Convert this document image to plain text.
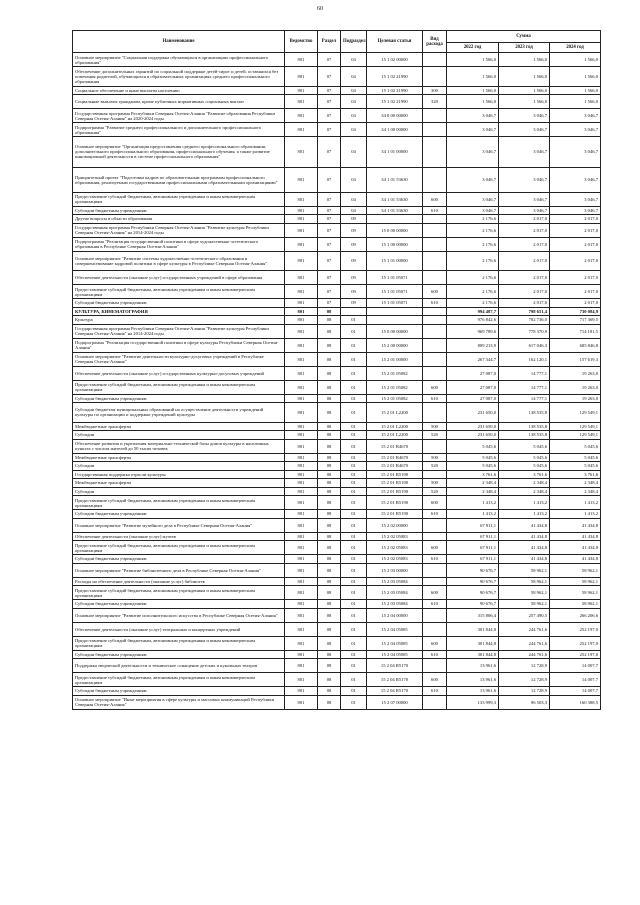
60
Наименование	Ведомство	Раздел	Подраздел	Целевая статья	Вид расхода	Сумма		
						2022 год	2023 год	2024 год
Основное мероприятие "Социальная поддержка обучающихся в организациях профессионального образования"	801	07	04	15 1 02 00000		1 566,0	1 566,0	1 566,0
Обеспечение дополнительных гарантий по социальной поддержке детей-сирот и детей, оставшихся без попечения родителей, обучающихся в образовательных организациях среднего профессионального образования	801	07	04	15 1 02 21990		1 566,0	1 566,0	1 566,0
Социальное обеспечение и иные выплаты населению	801	07	04	15 1 02 21990	300	1 566,0	1 566,0	1 566,0
Социальные выплаты гражданам, кроме публичных нормативных социальных выплат	801	07	04	15 1 02 21990	320	1 566,0	1 566,0	1 566,0
Государственная программа Республики Северная Осетия-Алания "Развитие образования Республики Северная Осетия-Алания" на 2020-2024 годы	801	07	04	34 0 00 00000		3 046,7	3 046,7	3 046,7
Подпрограмма "Развитие среднего профессионального и дополнительного профессионального образования"	801	07	04	34 1 00 00000		3 046,7	3 046,7	3 046,7
Основное мероприятие "Организация предоставления среднего профессионального образования, дополнительного профессионального образования, профессионального обучения, а также развитие инновационной деятельности в системе профессионального образования"	801	07	04	34 1 01 00000		3 046,7	3 046,7	3 046,7
Приоритетный проект "Подготовка кадров по образовательным программам профессионального образования, реализуемым государственными профессиональными образовательными организациями"	801	07	04	34 1 01 53630		3 046,7	3 046,7	3 046,7
Предоставление субсидий бюджетным, автономным учреждениям и иным некоммерческим организациям	801	07	04	34 1 01 53630	600	3 046,7	3 046,7	3 046,7
Субсидии бюджетным учреждениям	801	07	04	34 1 01 53630	610	3 046,7	3 046,7	3 046,7
Другие вопросы в области образования	801	07	09			2 176,6	2 017,0	2 017,0
Государственная программа Республики Северная Осетия-Алания "Развитие культуры Республики Северная Осетия-Алания" на 2014-2024 годы	801	07	09	15 0 00 00000		2 176,6	2 017,0	2 017,0
Подпрограмма "Реализация государственной политики в сфере художественно-эстетического образования в Республике Северная Осетия-Алания"	801	07	09	15 1 00 00000		2 176,6	2 017,0	2 017,0
Основное мероприятие "Развитие системы художественно-эстетического образования и совершенствование кадровой политики в сфере культуры в Республике Северная Осетия-Алания"	801	07	09	15 1 01 00000		2 176,6	2 017,0	2 017,0
Обеспечение деятельности (оказание услуг) государственных учреждений в сфере образования	801	07	09	15 1 01 05071		2 176,6	2 017,0	2 017,0
Предоставление субсидий бюджетным, автономным учреждениям и иным некоммерческим организациям	801	07	09	15 1 01 05071	600	2 176,6	2 017,0	2 017,0
Субсидии бюджетным учреждениям	801	07	09	15 1 01 05071	610	2 176,6	2 017,0	2 017,0
КУЛЬТУРА, КИНЕМАТОГРАФИЯ	801	08				994 487,7	798 651,4	730 084,9
Культура	801	08	01			976 842,6	782 736,0	717 369,5
Государственная программа Республики Северная Осетия-Алания "Развитие культуры Республики Северная Осетия-Алания" на 2014-2024 годы	801	08	01	15 0 00 00000		969 789,6	778 370,9	714 181,5
Подпрограмма "Реализация государственной политики в сфере культуры Республики Северная Осетия-Алания"	801	08	01	15 2 00 00000		809 213,9	617 046,3	685 846,8
Основное мероприятие "Развитие деятельности культурно-досуговых учреждений в Республике Северная Осетия-Алания"	801	08	01	15 2 01 00000		267 344,7	162 120,1	157 619,3
Обеспечение деятельности (оказание услуг) государственных культурно-досуговых учреждений	801	08	01	15 2 01 05082		27 087,0	14 777,1	19 263,0
Предоставление субсидий бюджетным, автономным учреждениям и иным некоммерческим организациям	801	08	01	15 2 01 05082	600	27 087,0	14 777,1	19 263,0
Субсидии бюджетным учреждениям	801	08	01	15 2 01 05082	610	27 087,0	14 777,1	19 263,0
Субсидии бюджетам муниципальных образований на осуществление деятельности учреждений культуры по организации и поддержке учреждений культуры	801	08	01	15 2 01 L2200		231 650,0	138 535,8	129 549,1
Межбюджетные трансферты	801	08	01	15 2 01 L2200	500	231 650,0	138 535,8	129 549,1
Субсидии	801	08	01	15 2 01 L2200	520	231 650,0	138 535,8	129 549,1
Обеспечение развития и укрепления материально-технической базы домов культуры в населенных пунктах с числом жителей до 50 тысяч человек	801	08	01	15 2 01 R4670		5 045,6	5 045,6	5 045,6
Межбюджетные трансферты	801	08	01	15 2 01 R4670	500	5 045,6	5 045,6	5 045,6
Субсидии	801	08	01	15 2 01 R4670	520	5 045,6	5 045,6	5 045,6
Государственная поддержка отрасли культуры	801	08	01	15 2 01 R5190		3 761,6	3 761,6	3 761,6
Межбюджетные трансферты	801	08	01	15 2 01 R5190	500	2 348,4	2 348,4	2 348,4
Субсидии	801	08	01	15 2 01 R5190	520	2 348,4	2 348,4	2 348,4
Предоставление субсидий бюджетным, автономным учреждениям и иным некоммерческим организациям	801	08	01	15 2 01 R5190	600	1 413,2	1 413,2	1 413,2
Субсидии бюджетным учреждениям	801	08	01	15 2 01 R5190	610	1 413,2	1 413,2	1 413,2
Основное мероприятие "Развитие музейного дела в Республике Северная Осетия-Алания"	801	08	01	15 2 02 00000		67 911,1	41 434,8	41 434,8
Обеспечение деятельности (оказание услуг) музеев	801	08	01	15 2 02 05083		67 911,1	41 434,8	41 434,8
Предоставление субсидий бюджетным, автономным учреждениям и иным некоммерческим организациям	801	08	01	15 2 02 05083	600	67 911,1	41 434,8	41 434,8
Субсидии бюджетным учреждениям	801	08	01	15 2 02 05083	610	67 911,1	41 434,8	41 434,8
Основное мероприятие "Развитие библиотечного дела в Республике Северная Осетия-Алания"	801	08	01	15 2 03 00000		90 676,7	58 962,1	58 962,1
Расходы на обеспечение деятельности (оказание услуг) библиотек	801	08	01	15 2 03 05084		90 676,7	58 962,1	58 962,1
Предоставление субсидий бюджетным, автономным учреждениям и иным некоммерческим организациям	801	08	01	15 2 03 05084	600	90 676,7	58 962,1	58 962,1
Субсидии бюджетным учреждениям	801	08	01	15 2 03 05084	610	90 676,7	58 962,1	58 962,1
Основное мероприятие "Развитие исполнительского искусства в Республике Северная Осетия-Алания"	801	08	01	15 2 04 00000		315 806,4	257 490,5	266 206,6
Обеспечение деятельности (оказание услуг) театральных и концертных учреждений	801	08	01	15 2 04 05085		301 844,8	244 761,6	252 197,0
Предоставление субсидий бюджетным, автономным учреждениям и иным некоммерческим организациям	801	08	01	15 2 04 05085	600	301 844,8	244 761,6	252 197,0
Субсидии бюджетным учреждениям	801	08	01	15 2 04 05085	610	301 844,8	244 761,6	252 197,0
Поддержка творческой деятельности и техническое оснащение детских и кукольных театров	801	08	01	15 2 04 R5170		13 961,6	12 728,9	14 007,7
Предоставление субсидий бюджетным, автономным учреждениям и иным некоммерческим организациям	801	08	01	15 2 04 R5170	600	13 961,6	12 728,9	14 007,7
Субсидии бюджетным учреждениям	801	08	01	15 2 04 R5170	610	13 961,6	12 728,9	14 007,7
Основное мероприятие "Иные мероприятия в сфере культуры и массовых коммуникаций Республики Северная Осетия-Алания"	801	08	01	15 2 07 00000		133 999,3	96 503,3	160 388,5
